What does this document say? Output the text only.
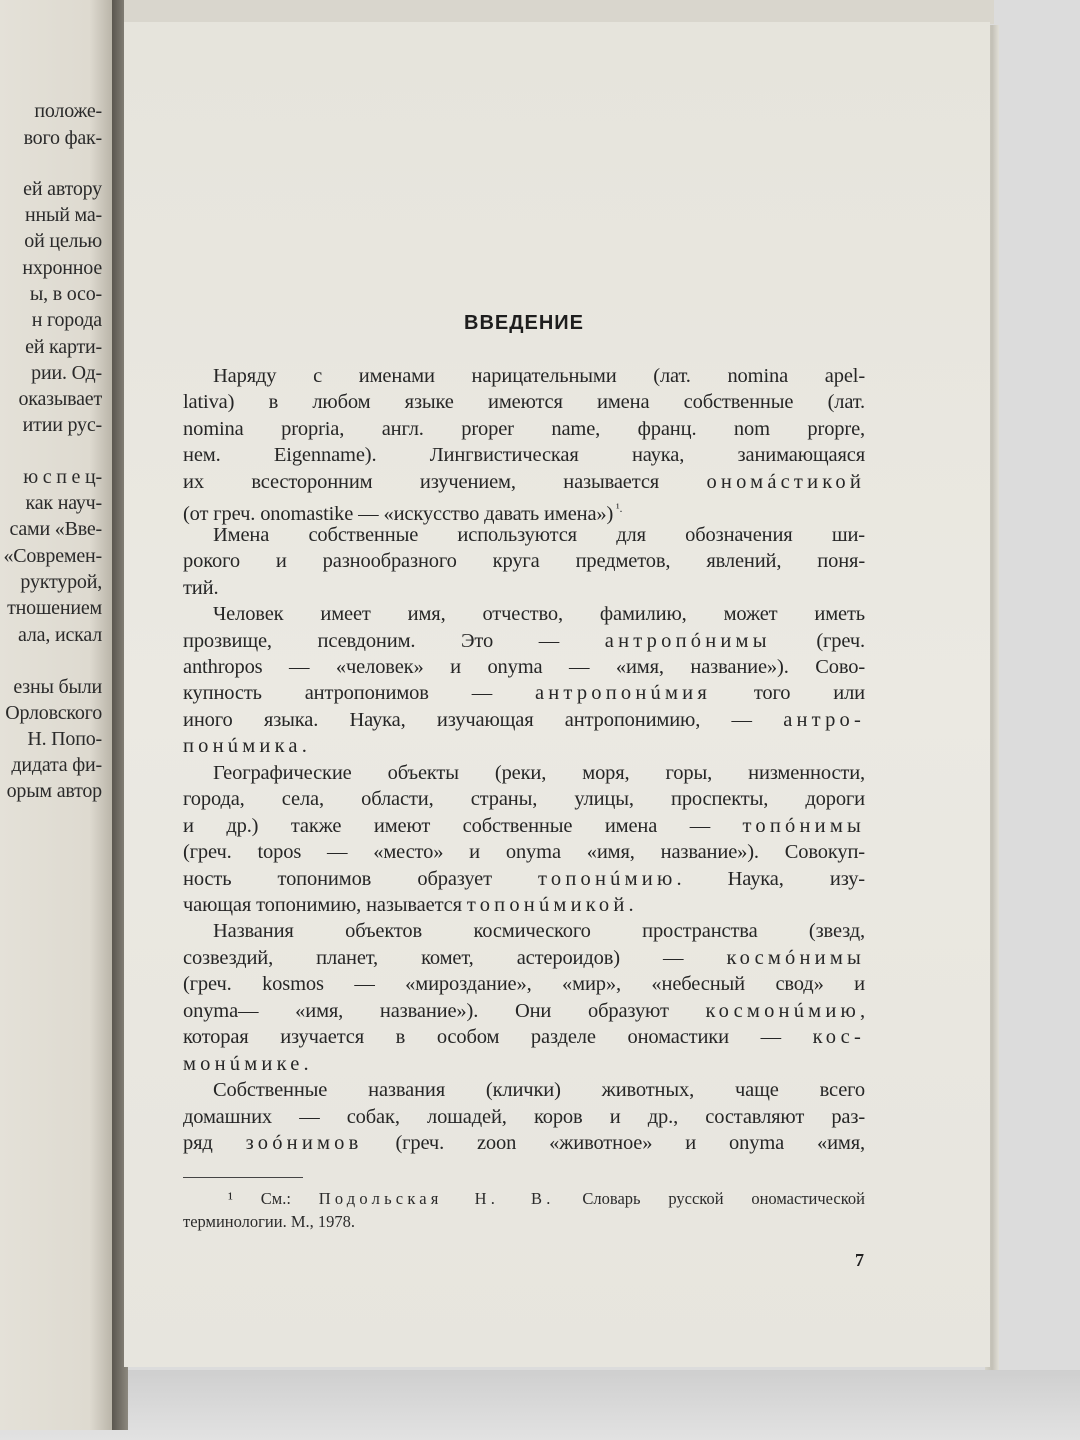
положе-
вого фак-
ей автору
нный ма-
ой целью
нхронное
ы, в осо-
н города
ей карти-
рии. Од-
оказывает
итии рус-
ю с п е ц-
как науч-
сами «Вве-
«Современ-
руктурой,
тношением
ала, искал
езны были
Орловского
Н. Попо-
дидата фи-
орым автор
ВВЕДЕНИЕ
Наряду с именами нарицательными (лат. nomina apel-
lativa) в любом языке имеются имена собственные (лат.
nomina proprіa, англ. proper name, франц. nom propre,
нем. Eigenname). Лингвистическая наука, занимающаяся
их всесторонним изучением, называется ономáстикой
(от греч. onomastike — «искусство давать имена») $^{^1.}$
Имена собственные используются для обозначения ши-
рокого и разнообразного круга предметов, явлений, поня-
тий.
Человек имеет имя, отчество, фамилию, может иметь
прозвище, псевдоним. Это — антропóнимы (греч.
anthropos — «человек» и onyma — «имя, название»). Сово-
купность антропонимов — антропонúмия того или
иного языка. Наука, изучающая антропонимию, — антро-
понúмика.
Географические объекты (реки, моря, горы, низменности,
города, села, области, страны, улицы, проспекты, дороги
и др.) также имеют собственные имена — топóнимы
(греч. topos — «место» и onyma «имя, название»). Совокуп-
ность топонимов образует топонúмию. Наука, изу-
чающая топонимию, называется топонúмикой.
Названия объектов космического пространства (звезд,
созвездий, планет, комет, астероидов) — космóнимы
(греч. kosmos — «мироздание», «мир», «небесный свод» и
onyma— «имя, название»). Они образуют космонúмию,
которая изучается в особом разделе ономастики — кос-
монúмике.
Собственные названия (клички) животных, чаще всего
домашних — собак, лошадей, коров и др., составляют раз-
ряд зоóнимов (греч. zoon «животное» и onyma «имя,
¹ См.: Подольская Н. В. Словарь русской ономастической
терминологии. М., 1978.
7
